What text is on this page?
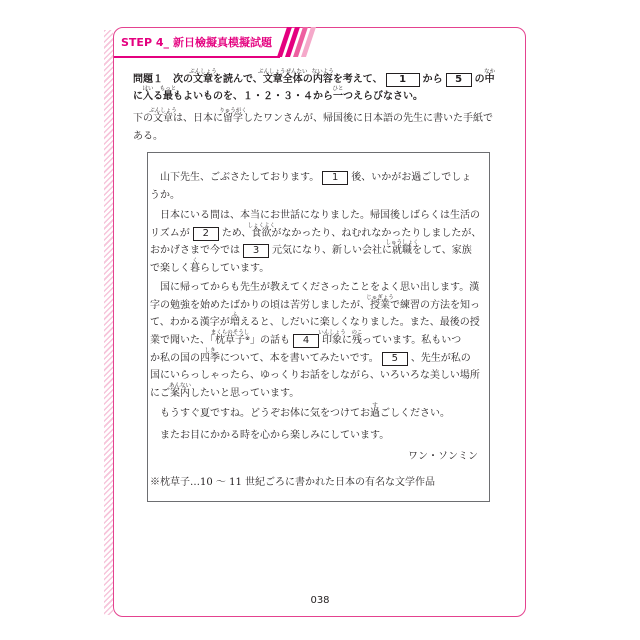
STEP 4_ 新日檢擬真模擬試題
問題１　次の文章
ぶんしょう
を読んで、文章全体
ぶんしょうぜんたい
の内容
ないよう
を考えて、 1 から 5 の中
なか
に入
はい
る最
もっと
もよいものを、１・２・３・４から一
ひと
つえらびなさい。
下の文章
ぶんしょう
は、日本に留学
りゅうがく
したワンさんが、帰国後に日本語の先生に書いた手紙で
ある。
山下先生、ごぶさたしております。 1 後、いかがお過ごしでしょ
うか。
日本にいる間は、本当にお世話になりました。帰国後しばらくは生活の
リズムが 2 ため、食欲
しょくよく
がなかったり、ねむれなかったりしましたが、
おかげさまで今では 3 元気になり、新しい会社に就職
しゅうしょく
をして、家族
で楽しく暮
く
らしています。
国に帰ってからも先生が教えてくださったことをよく思い出します。漢
字の勉強を始めたばかりの頃は苦労しましたが、授業
じゅぎょう
で練習の方法を知っ
て、わかる漢字が増
ふ
えると、しだいに楽しくなりました。また、最後の授
業で聞いた、「枕草子
まくらのそうし
※」の話も 4 印象
いんしょう
に残
のこ
っています。私もいつ
か私の国の四季
しき
について、本を書いてみたいです。 5 、先生が私の
国にいらっしゃったら、ゆっくりお話をしながら、いろいろな美しい場所
にご案内
あんない
したいと思っています。
もうすぐ夏ですね。どうぞお体に気をつけてお過
す
ごしください。
またお目にかかる時を心から楽しみにしています。
ワン・ソンミン
※枕草子…10 〜 11 世紀ごろに書かれた日本の有名な文学作品
038
